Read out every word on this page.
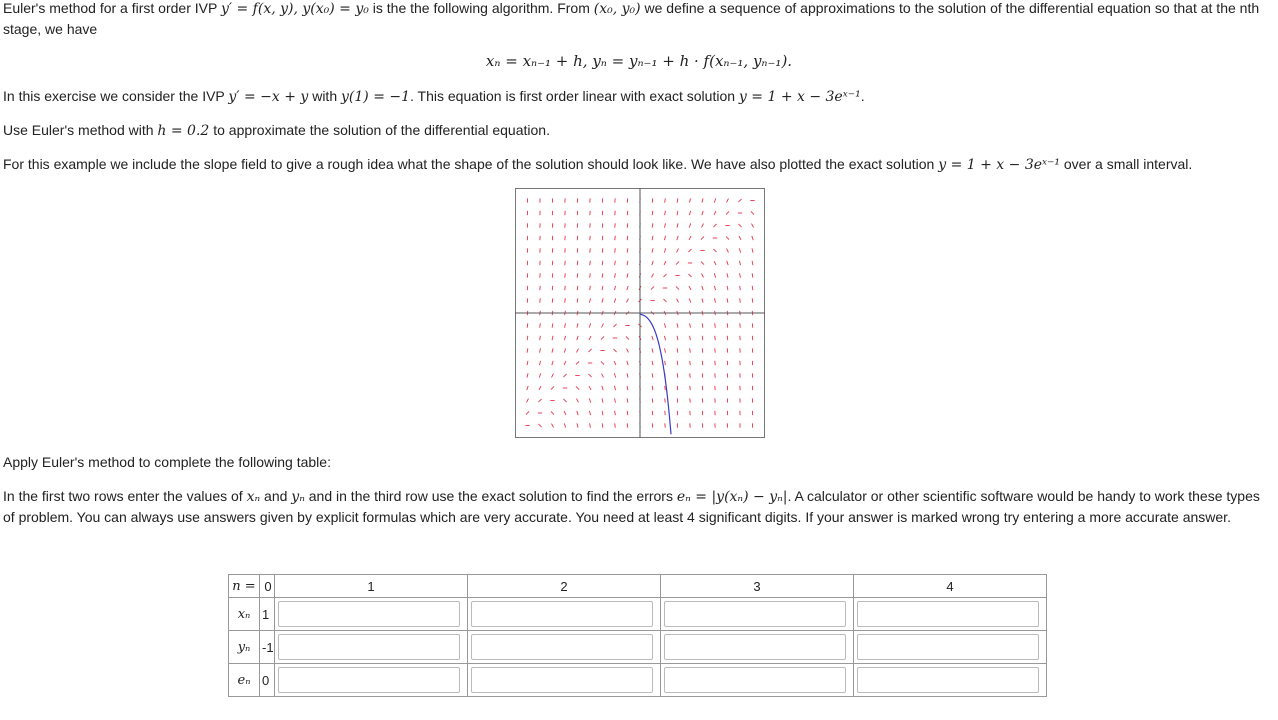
Euler's method for a first order IVP y′ = f(x, y), y(x₀) = y₀ is the the following algorithm. From (x₀, y₀) we define a sequence of approximations to the solution of the differential equation so that at the nth stage, we have

xₙ = xₙ₋₁ + h, yₙ = yₙ₋₁ + h · f(xₙ₋₁, yₙ₋₁).

In this exercise we consider the IVP y′ = −x + y with y(1) = −1. This equation is first order linear with exact solution y = 1 + x − 3eˣ⁻¹.

Use Euler's method with h = 0.2 to approximate the solution of the differential equation.

For this example we include the slope field to give a rough idea what the shape of the solution should look like. We have also plotted the exact solution y = 1 + x − 3eˣ⁻¹ over a small interval.

Apply Euler's method to complete the following table:

In the first two rows enter the values of xₙ and yₙ and in the third row use the exact solution to find the errors eₙ = |y(xₙ) − yₙ|. A calculator or other scientific software would be handy to work these types of problem. You can always use answers given by explicit formulas which are very accurate. You need at least 4 significant digits. If your answer is marked wrong try entering a more accurate answer.

n =	0	1	2	3	4
xₙ	1				
yₙ	-1				
eₙ	0				
